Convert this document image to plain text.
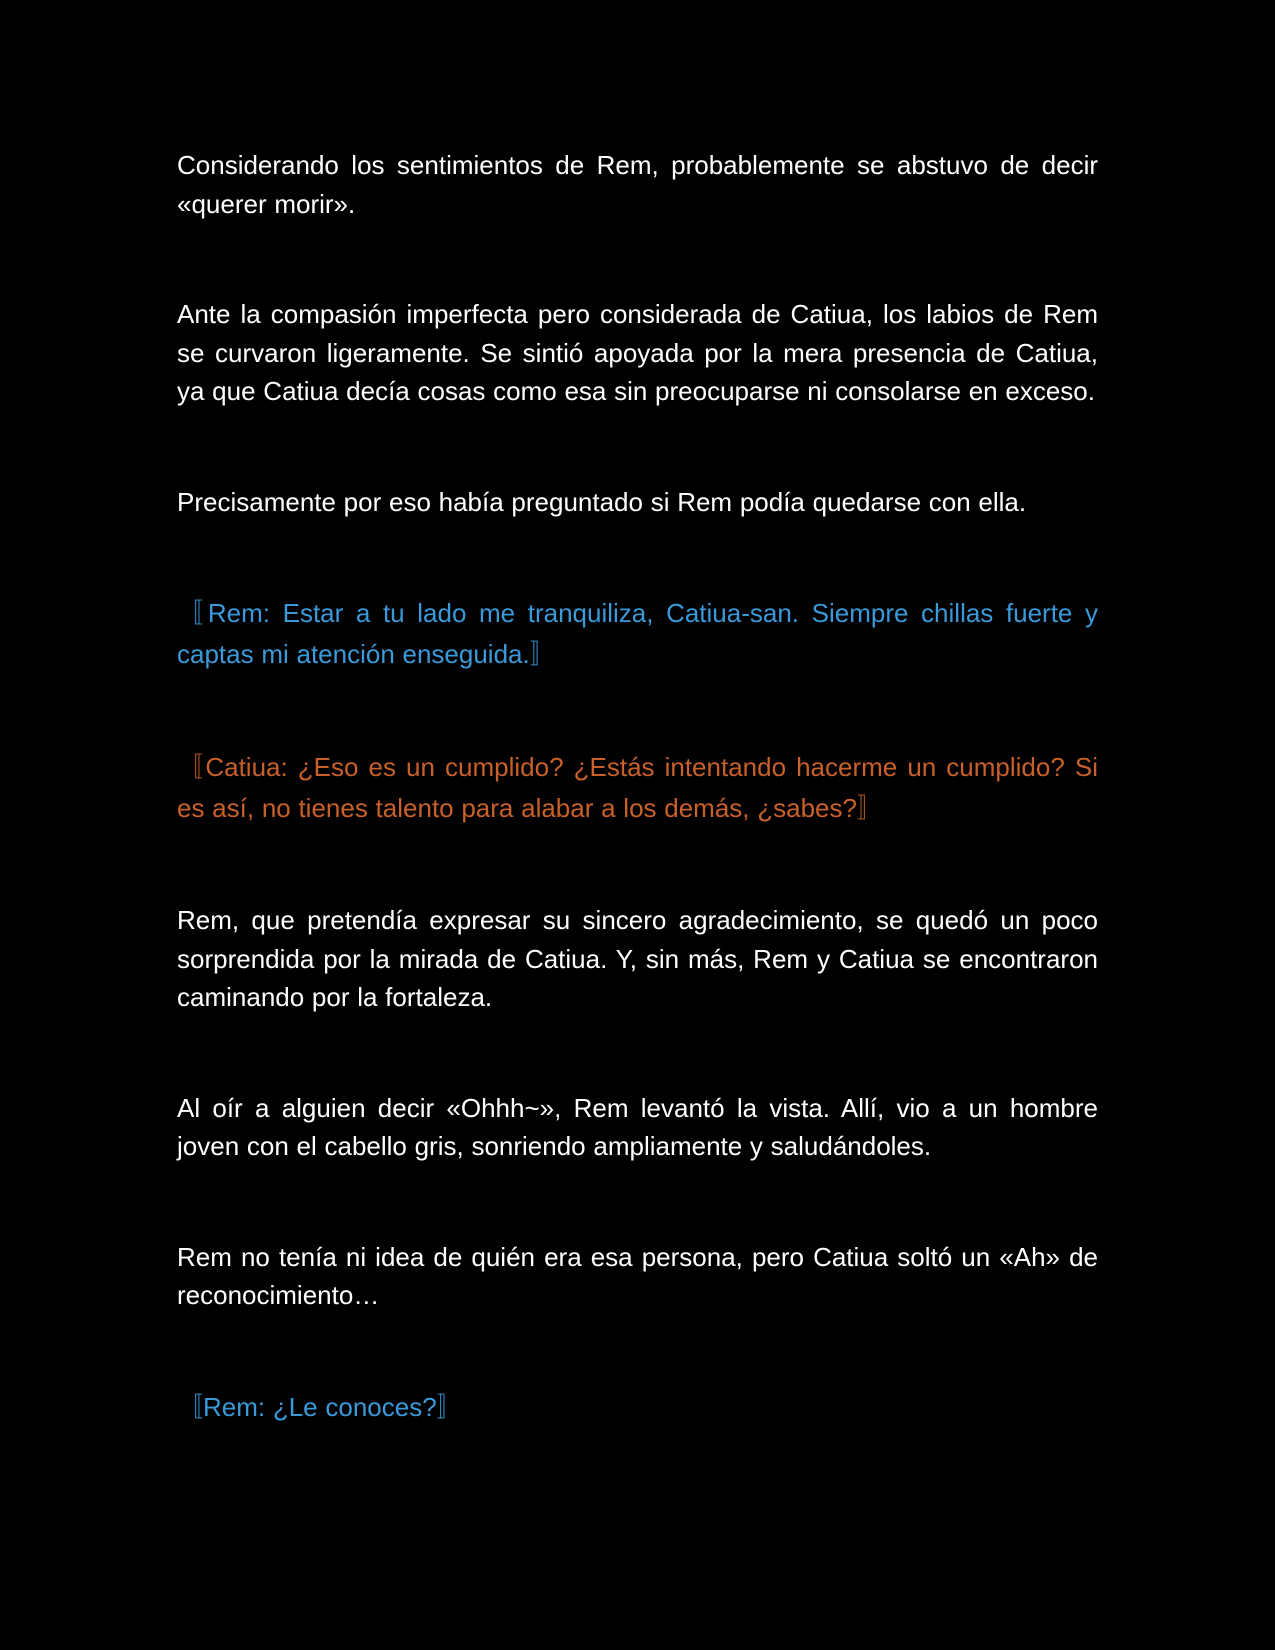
Considerando los sentimientos de Rem, probablemente se abstuvo de decir «querer morir».

Ante la compasión imperfecta pero considerada de Catiua, los labios de Rem se curvaron ligeramente. Se sintió apoyada por la mera presencia de Catiua, ya que Catiua decía cosas como esa sin preocuparse ni consolarse en exceso.

Precisamente por eso había preguntado si Rem podía quedarse con ella.

〚Rem: Estar a tu lado me tranquiliza, Catiua-san. Siempre chillas fuerte y captas mi atención enseguida.〛

〚Catiua: ¿Eso es un cumplido? ¿Estás intentando hacerme un cumplido? Si es así, no tienes talento para alabar a los demás, ¿sabes?〛

Rem, que pretendía expresar su sincero agradecimiento, se quedó un poco sorprendida por la mirada de Catiua. Y, sin más, Rem y Catiua se encontraron caminando por la fortaleza.

Al oír a alguien decir «Ohhh~», Rem levantó la vista. Allí, vio a un hombre joven con el cabello gris, sonriendo ampliamente y saludándoles.

Rem no tenía ni idea de quién era esa persona, pero Catiua soltó un «Ah» de reconocimiento…

〚Rem: ¿Le conoces?〛
